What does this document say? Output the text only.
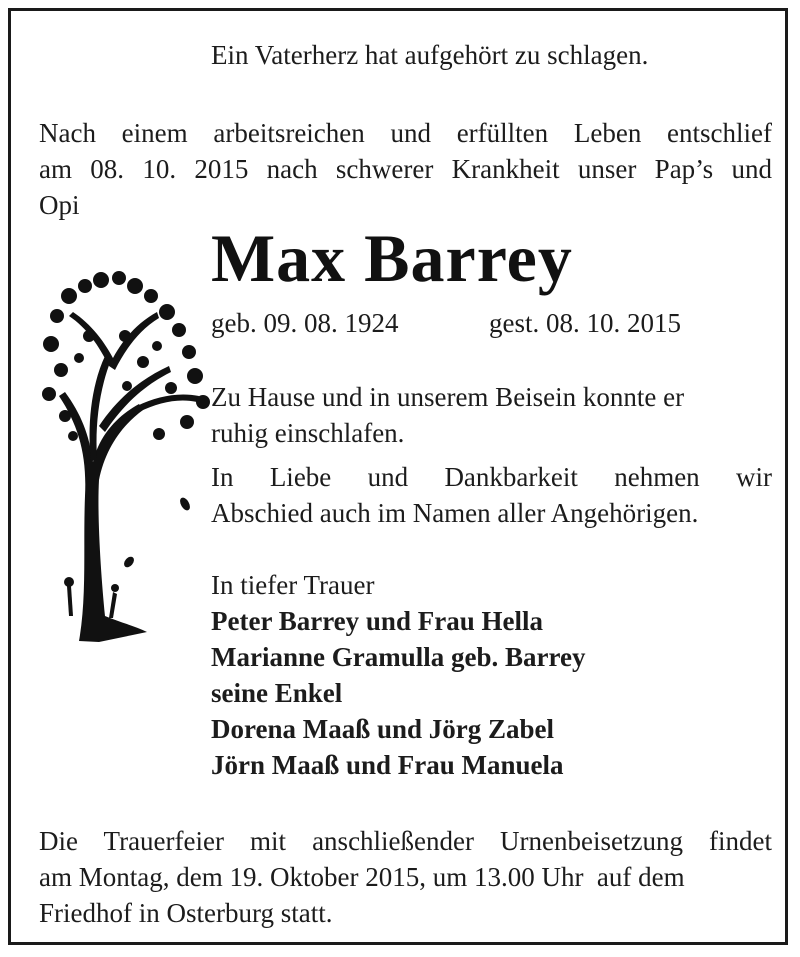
Ein Vaterherz hat aufgehört zu schlagen.
Nach einem arbeitsreichen und erfüllten Leben entschlief
am 08. 10. 2015 nach schwerer Krankheit unser Pap’s und
Opi
Max Barrey
geb. 09. 08. 1924	gest. 08. 10. 2015
Zu Hause und in unserem Beisein konnte er
ruhig einschlafen.
In Liebe und Dankbarkeit nehmen wir
Abschied auch im Namen aller Angehörigen.
In tiefer Trauer
Peter Barrey und Frau Hella
Marianne Gramulla geb. Barrey
seine Enkel
Dorena Maaß und Jörg Zabel
Jörn Maaß und Frau Manuela
Die Trauerfeier mit anschließender Urnenbeisetzung findet
am Montag, dem 19. Oktober 2015, um 13.00 Uhr  auf dem
Friedhof in Osterburg statt.
